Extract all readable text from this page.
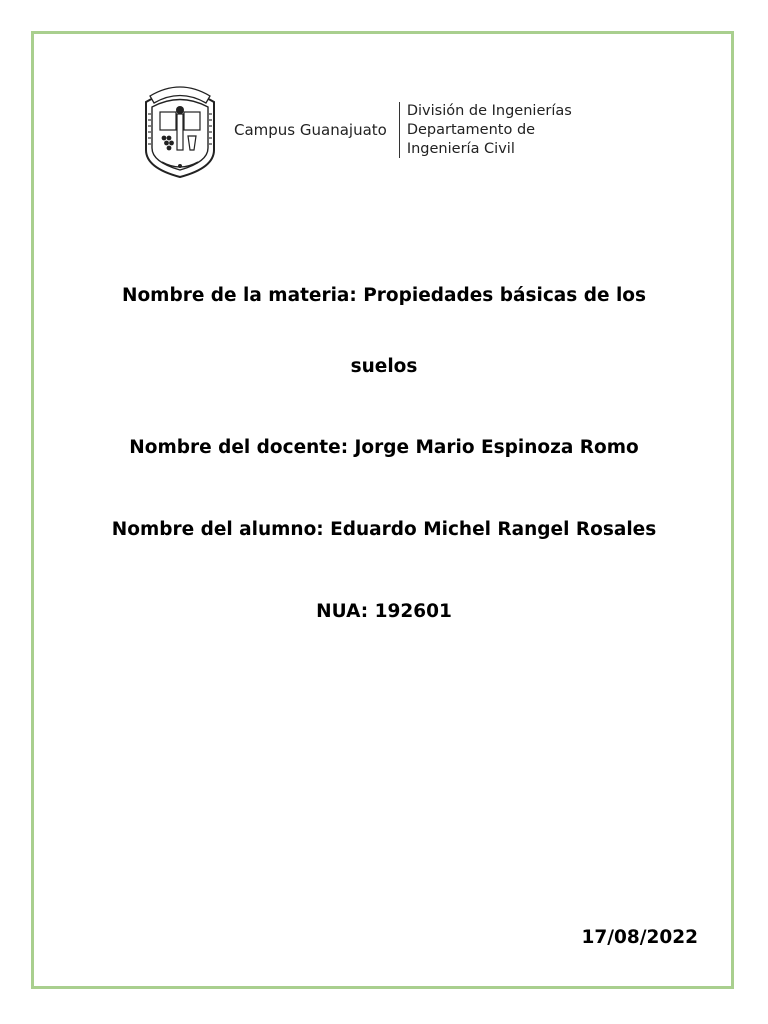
Campus Guanajuato
División de Ingenierías
Departamento de
Ingeniería Civil
Nombre de la materia: Propiedades básicas de los
suelos
Nombre del docente: Jorge Mario Espinoza Romo
Nombre del alumno: Eduardo Michel Rangel Rosales
NUA: 192601
17/08/2022
